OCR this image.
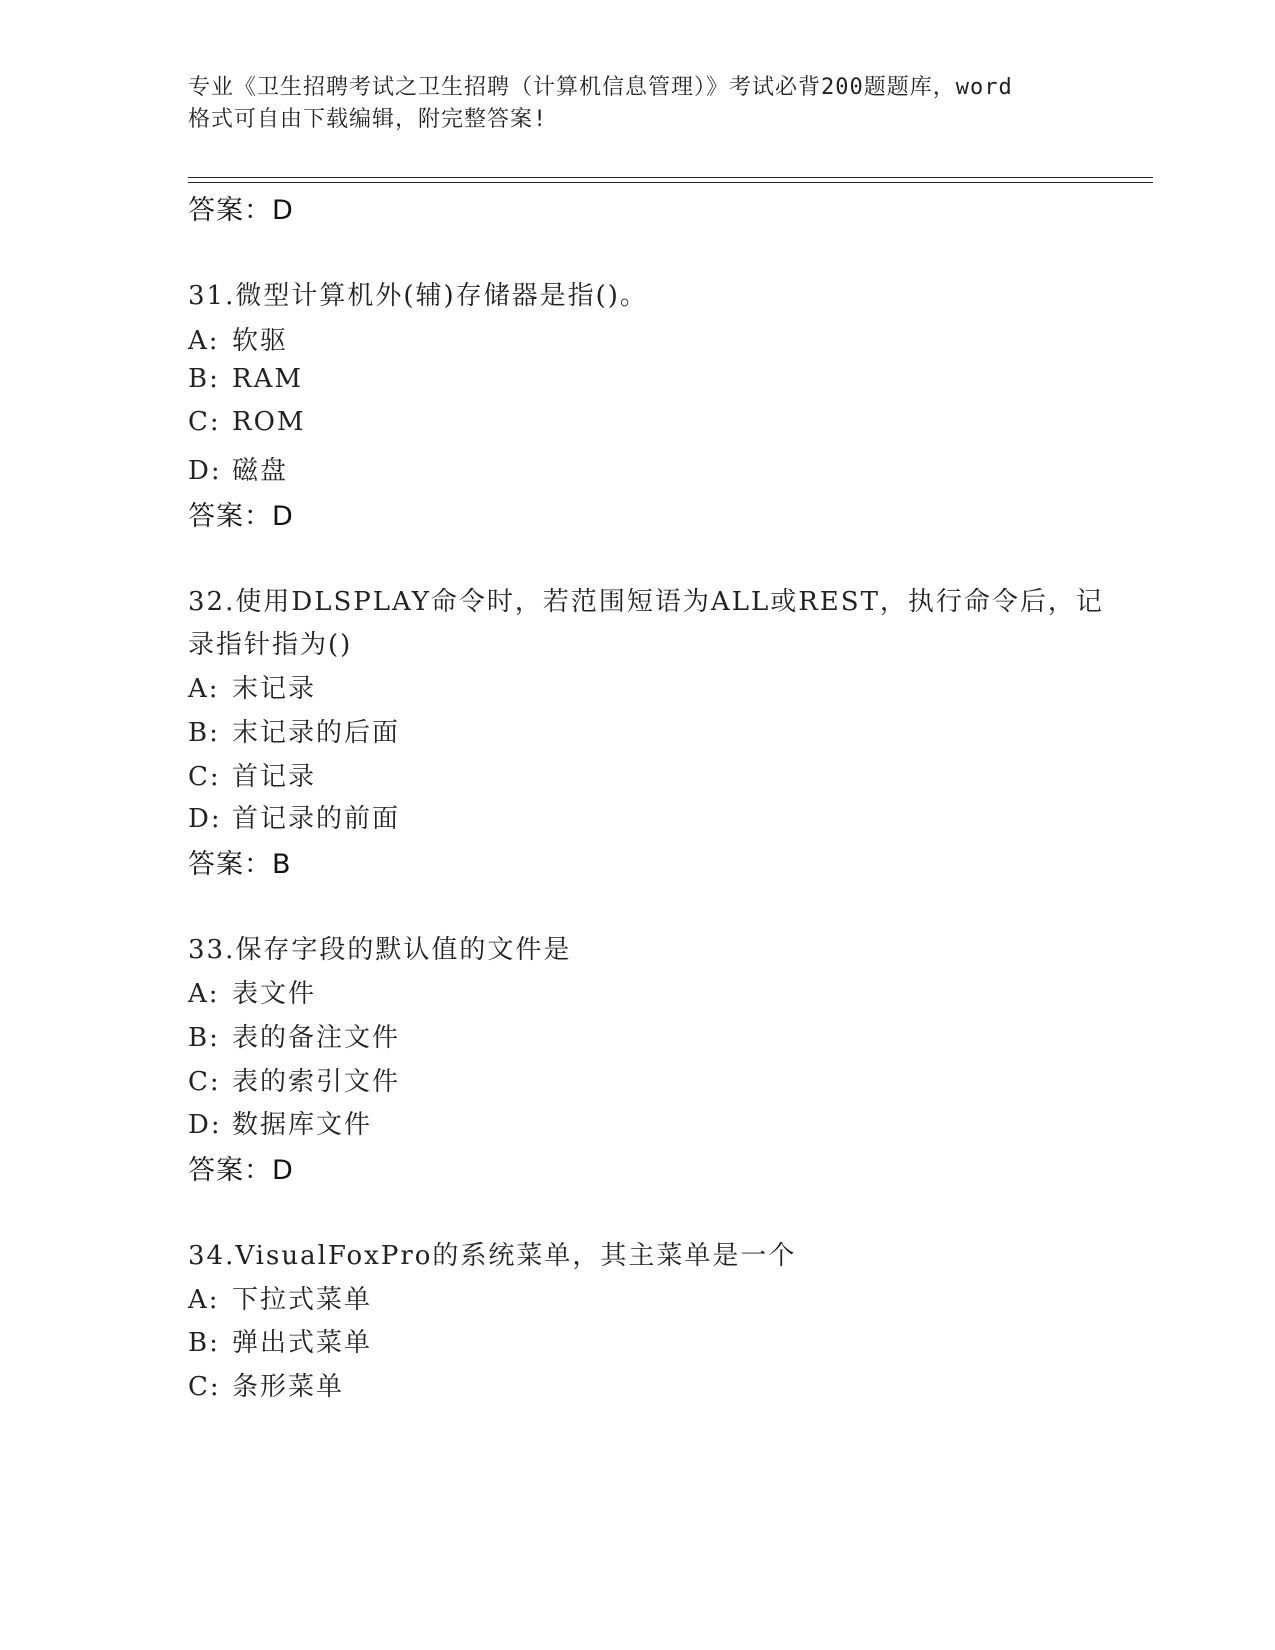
专业《卫生招聘考试之卫生招聘（计算机信息管理）》考试必背200题题库，word
格式可自由下载编辑，附完整答案!
答案：D
31.微型计算机外(辅)存储器是指()。
A: 软驱
B: RAM
C: ROM
D: 磁盘
答案：D
32.使用DLSPLAY命令时，若范围短语为ALL或REST，执行命令后，记
录指针指为()
A: 末记录
B: 末记录的后面
C: 首记录
D: 首记录的前面
答案：B
33.保存字段的默认值的文件是
A: 表文件
B: 表的备注文件
C: 表的索引文件
D: 数据库文件
答案：D
34.VisualFoxPro的系统菜单，其主菜单是一个
A: 下拉式菜单
B: 弹出式菜单
C: 条形菜单
